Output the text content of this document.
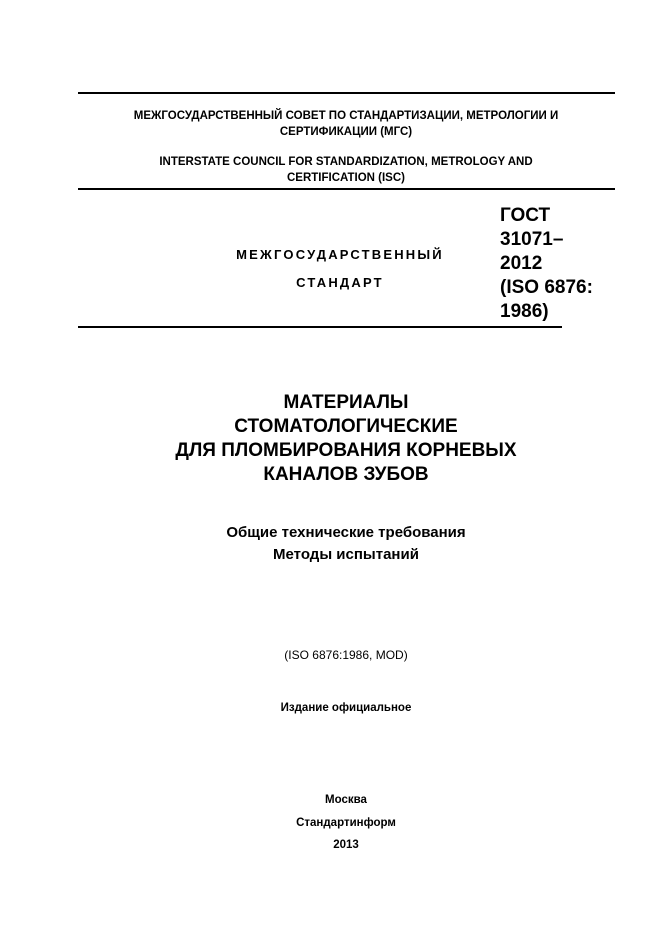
МЕЖГОСУДАРСТВЕННЫЙ СОВЕТ ПО СТАНДАРТИЗАЦИИ, МЕТРОЛОГИИ И
СЕРТИФИКАЦИИ (МГС)
INTERSTATE COUNCIL FOR STANDARDIZATION, METROLOGY AND
CERTIFICATION (ISC)
МЕЖГОСУДАРСТВЕННЫЙ
СТАНДАРТ
ГОСТ
31071–
2012
(ISO 6876:
1986)
МАТЕРИАЛЫ
СТОМАТОЛОГИЧЕСКИЕ
ДЛЯ ПЛОМБИРОВАНИЯ КОРНЕВЫХ
КАНАЛОВ ЗУБОВ
Общие технические требования
Методы испытаний
(ISO 6876:1986, MOD)
Издание официальное
Москва
Стандартинформ
2013
